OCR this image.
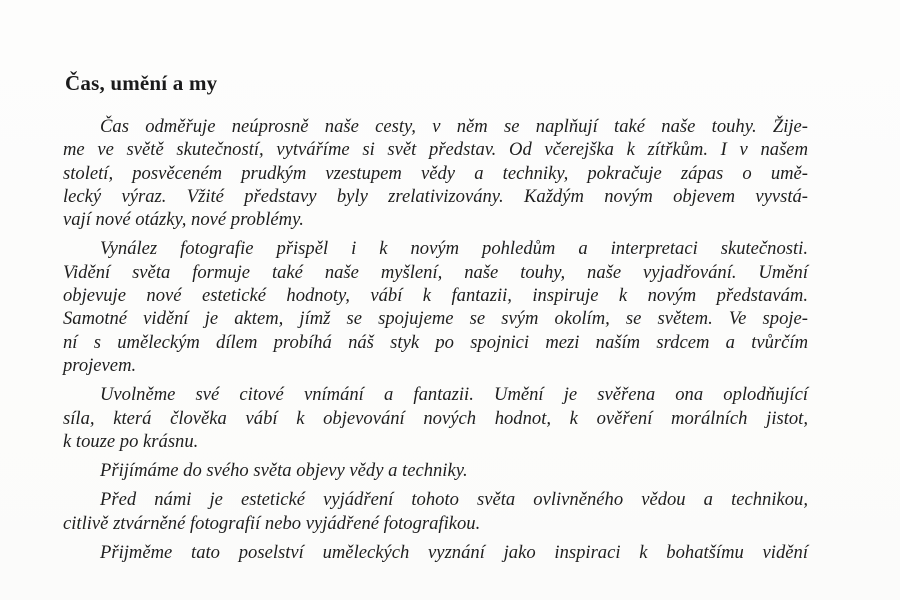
Čas, umění a my
Čas odměřuje neúprosně naše cesty, v něm se naplňují také naše touhy. Žije-
me ve světě skutečností, vytváříme si svět představ. Od včerejška k zítřkům. I v našem
století, posvěceném prudkým vzestupem vědy a techniky, pokračuje zápas o umě-
lecký výraz. Vžité představy byly zrelativizovány. Každým novým objevem vyvstá-
vají nové otázky, nové problémy.
Vynález fotografie přispěl i k novým pohledům a interpretaci skutečnosti.
Vidění světa formuje také naše myšlení, naše touhy, naše vyjadřování. Umění
objevuje nové estetické hodnoty, vábí k fantazii, inspiruje k novým představám.
Samotné vidění je aktem, jímž se spojujeme se svým okolím, se světem. Ve spoje-
ní s uměleckým dílem probíhá náš styk po spojnici mezi naším srdcem a tvůrčím
projevem.
Uvolněme své citové vnímání a fantazii. Umění je svěřena ona oplodňující
síla, která člověka vábí k objevování nových hodnot, k ověření morálních jistot,
k touze po krásnu.
Přijímáme do svého světa objevy vědy a techniky.
Před námi je estetické vyjádření tohoto světa ovlivněného vědou a technikou,
citlivě ztvárněné fotografií nebo vyjádřené fotografikou.
Přijměme tato poselství uměleckých vyznání jako inspiraci k bohatšímu vidění
